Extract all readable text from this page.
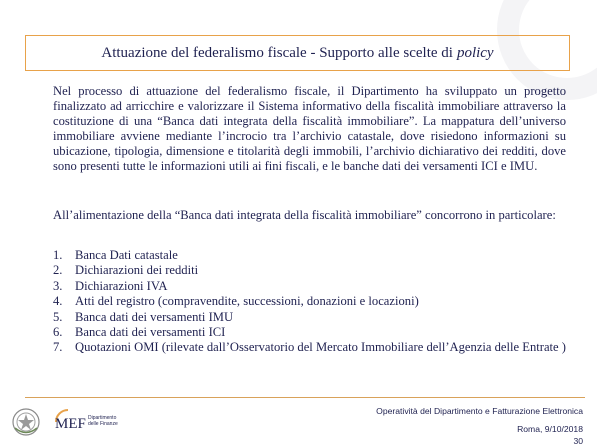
Attuazione del federalismo fiscale - Supporto alle scelte di policy
Nel processo di attuazione del federalismo fiscale, il Dipartimento ha sviluppato un progetto finalizzato ad arricchire e valorizzare il Sistema informativo della fiscalità immobiliare attraverso la costituzione di una “Banca dati integrata della fiscalità immobiliare”. La mappatura dell’universo immobiliare avviene mediante l’incrocio tra l’archivio catastale, dove risiedono informazioni su ubicazione, tipologia, dimensione e titolarità degli immobili, l’archivio dichiarativo dei redditi, dove sono presenti tutte le informazioni utili ai fini fiscali, e le banche dati dei versamenti ICI e IMU.
All’alimentazione della “Banca dati integrata della fiscalità immobiliare” concorrono in particolare:
1. Banca Dati catastale
2. Dichiarazioni dei redditi
3. Dichiarazioni IVA
4. Atti del registro (compravendite, successioni, donazioni e locazioni)
5. Banca dati dei versamenti IMU
6. Banca dati dei versamenti ICI
7. Quotazioni OMI (rilevate dall’Osservatorio del Mercato Immobiliare dell’Agenzia delle Entrate )
MEF Dipartimento
delle Finanze
Operatività del Dipartimento e Fatturazione Elettronica
Roma, 9/10/2018
30
